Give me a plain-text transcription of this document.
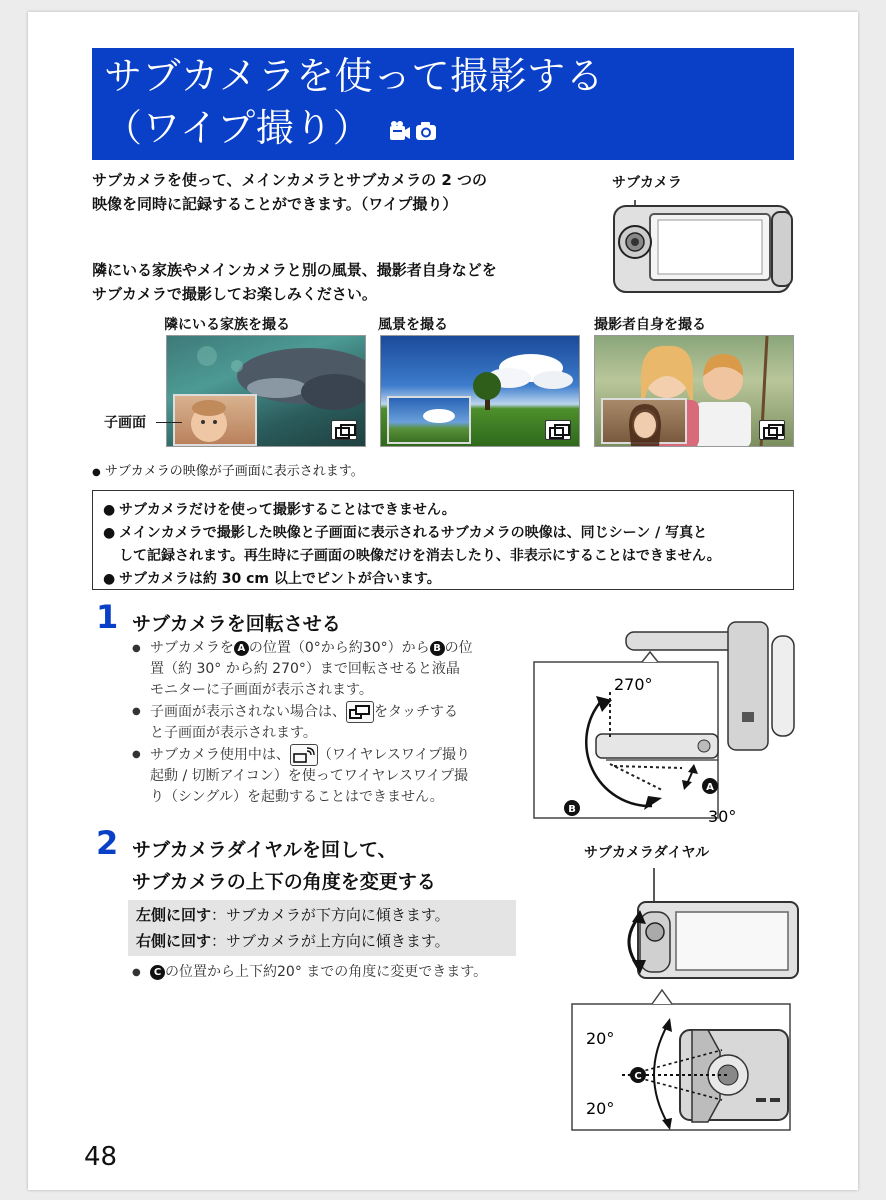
サブカメラを使って撮影する
（ワイプ撮り）
サブカメラを使って、メインカメラとサブカメラの 2 つの
映像を同時に記録することができます。（ワイプ撮り）
隣にいる家族やメインカメラと別の風景、撮影者自身などを
サブカメラで撮影してお楽しみください。
サブカメラ
隣にいる家族を撮る	風景を撮る	撮影者自身を撮る
子画面
● サブカメラの映像が子画面に表示されます。
● サブカメラだけを使って撮影することはできません。
● メインカメラで撮影した映像と子画面に表示されるサブカメラの映像は、同じシーン / 写真と
して記録されます。再生時に子画面の映像だけを消去したり、非表示にすることはできません。
● サブカメラは約 30 cm 以上でピントが合います。
1 サブカメラを回転させる
● サブカメラを A の位置（0°から約30°）から B の位
置（約 30° から約 270°）まで回転させると液晶
モニターに子画面が表示されます。
● 子画面が表示されない場合は、 をタッチする
と子画面が表示されます。
● サブカメラ使用中は、 （ワイヤレスワイプ撮り
起動 / 切断アイコン）を使ってワイヤレスワイプ撮
り（シングル）を起動することはできません。
270°
30°
A
B
2 サブカメラダイヤルを回して、
サブカメラの上下の角度を変更する
左側に回す：サブカメラが下方向に傾きます。
右側に回す：サブカメラが上方向に傾きます。
●	C の位置から上下約20° までの角度に変更できます。
サブカメラダイヤル
C
20°
20°
48
